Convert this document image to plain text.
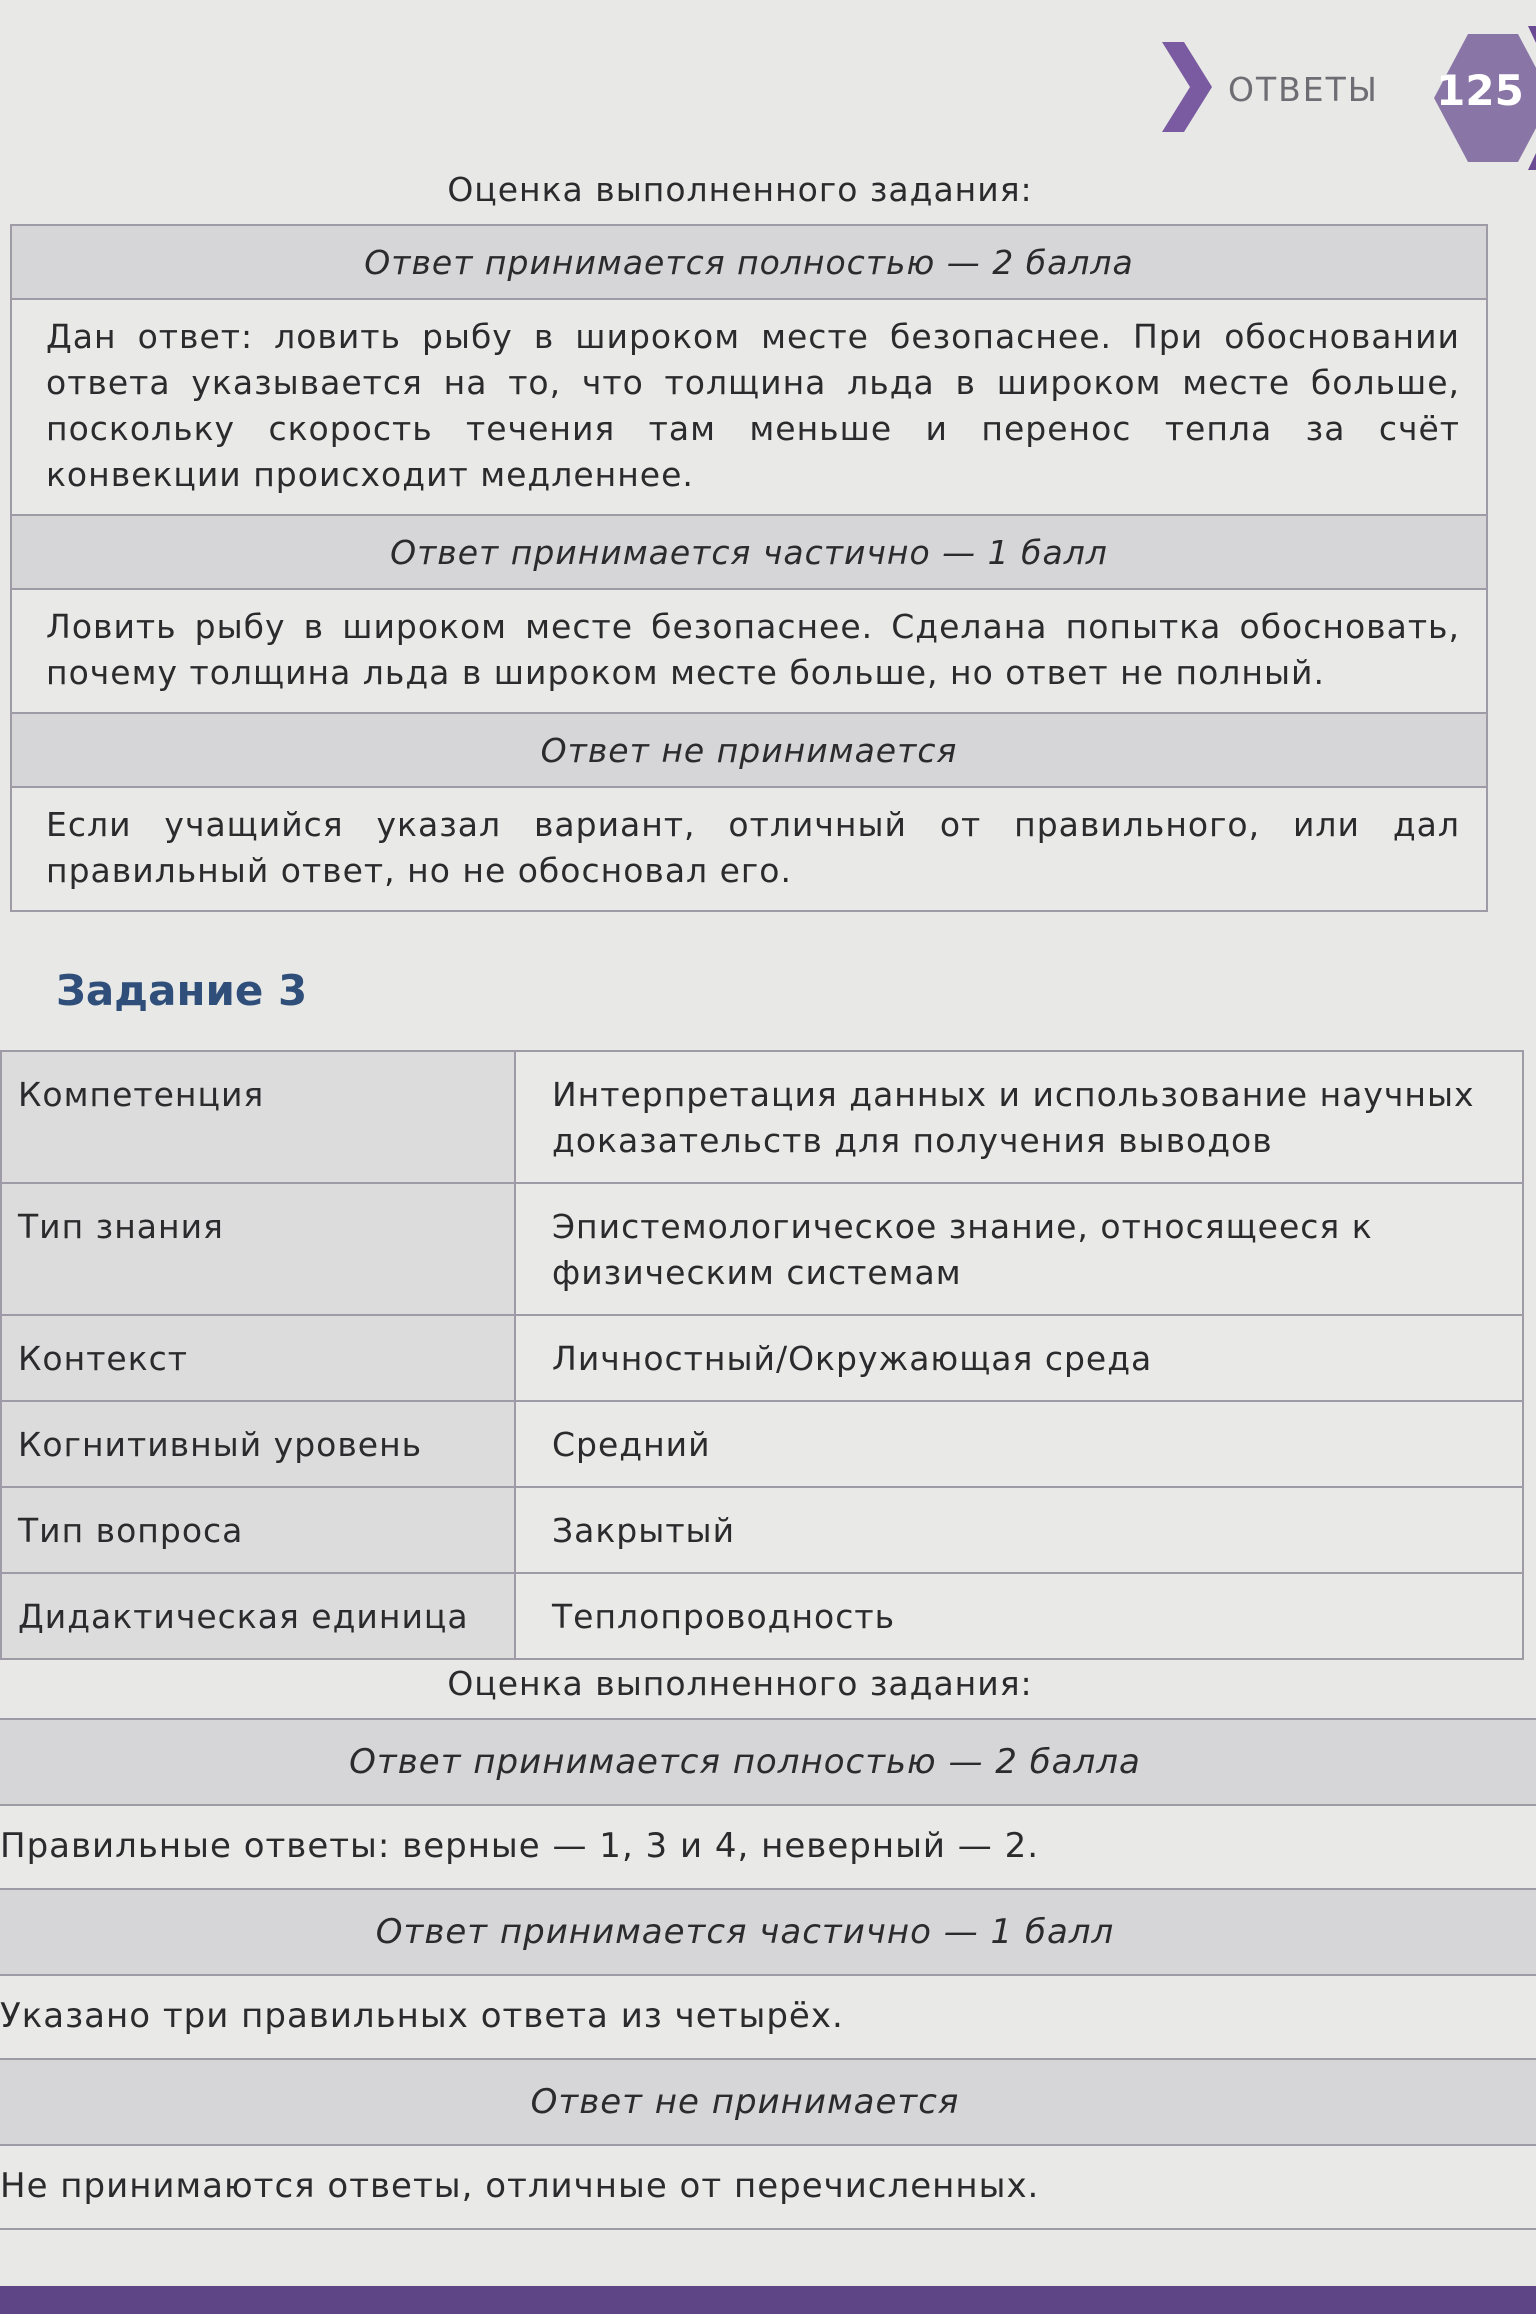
ОТВЕТЫ 125
Оценка выполненного задания:
Ответ принимается полностью — 2 балла
Дан ответ: ловить рыбу в широком месте безопаснее. При обосновании ответа указывается на то, что толщина льда в широком месте больше, поскольку скорость течения там меньше и перенос тепла за счёт конвекции происходит медленнее.
Ответ принимается частично — 1 балл
Ловить рыбу в широком месте безопаснее. Сделана попытка обосновать, почему толщина льда в широком месте больше, но ответ не полный.
Ответ не принимается
Если учащийся указал вариант, отличный от правильного, или дал правильный ответ, но не обосновал его.
Задание 3
Компетенция	Интерпретация данных и использование научных доказательств для получения выводов
Тип знания	Эпистемологическое знание, относящееся к физическим системам
Контекст	Личностный/Окружающая среда
Когнитивный уровень	Средний
Тип вопроса	Закрытый
Дидактическая единица	Теплопроводность
Оценка выполненного задания:
Ответ принимается полностью — 2 балла
Правильные ответы: верные — 1, 3 и 4, неверный — 2.
Ответ принимается частично — 1 балл
Указано три правильных ответа из четырёх.
Ответ не принимается
Не принимаются ответы, отличные от перечисленных.
